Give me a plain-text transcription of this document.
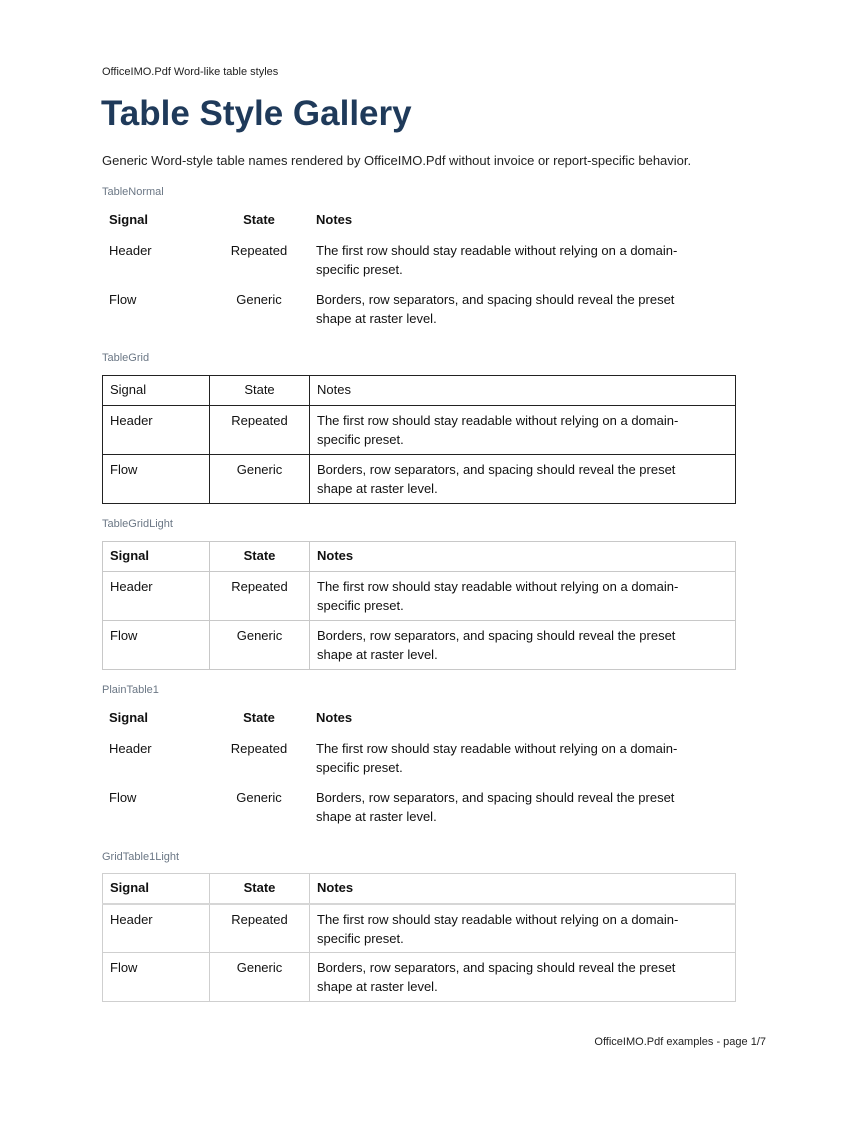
OfficeIMO.Pdf Word-like table styles
Table Style Gallery
Generic Word-style table names rendered by OfficeIMO.Pdf without invoice or report-specific behavior.
TableNormal
Signal	State	Notes
Header	Repeated	The first row should stay readable without relying on a domain-specific preset.
Flow	Generic	Borders, row separators, and spacing should reveal the preset shape at raster level.
TableGrid
Signal	State	Notes
Header	Repeated	The first row should stay readable without relying on a domain-specific preset.
Flow	Generic	Borders, row separators, and spacing should reveal the preset shape at raster level.
TableGridLight
Signal	State	Notes
Header	Repeated	The first row should stay readable without relying on a domain-specific preset.
Flow	Generic	Borders, row separators, and spacing should reveal the preset shape at raster level.
PlainTable1
Signal	State	Notes
Header	Repeated	The first row should stay readable without relying on a domain-specific preset.
Flow	Generic	Borders, row separators, and spacing should reveal the preset shape at raster level.
GridTable1Light
Signal	State	Notes
Header	Repeated	The first row should stay readable without relying on a domain-specific preset.
Flow	Generic	Borders, row separators, and spacing should reveal the preset shape at raster level.
OfficeIMO.Pdf examples - page 1/7
